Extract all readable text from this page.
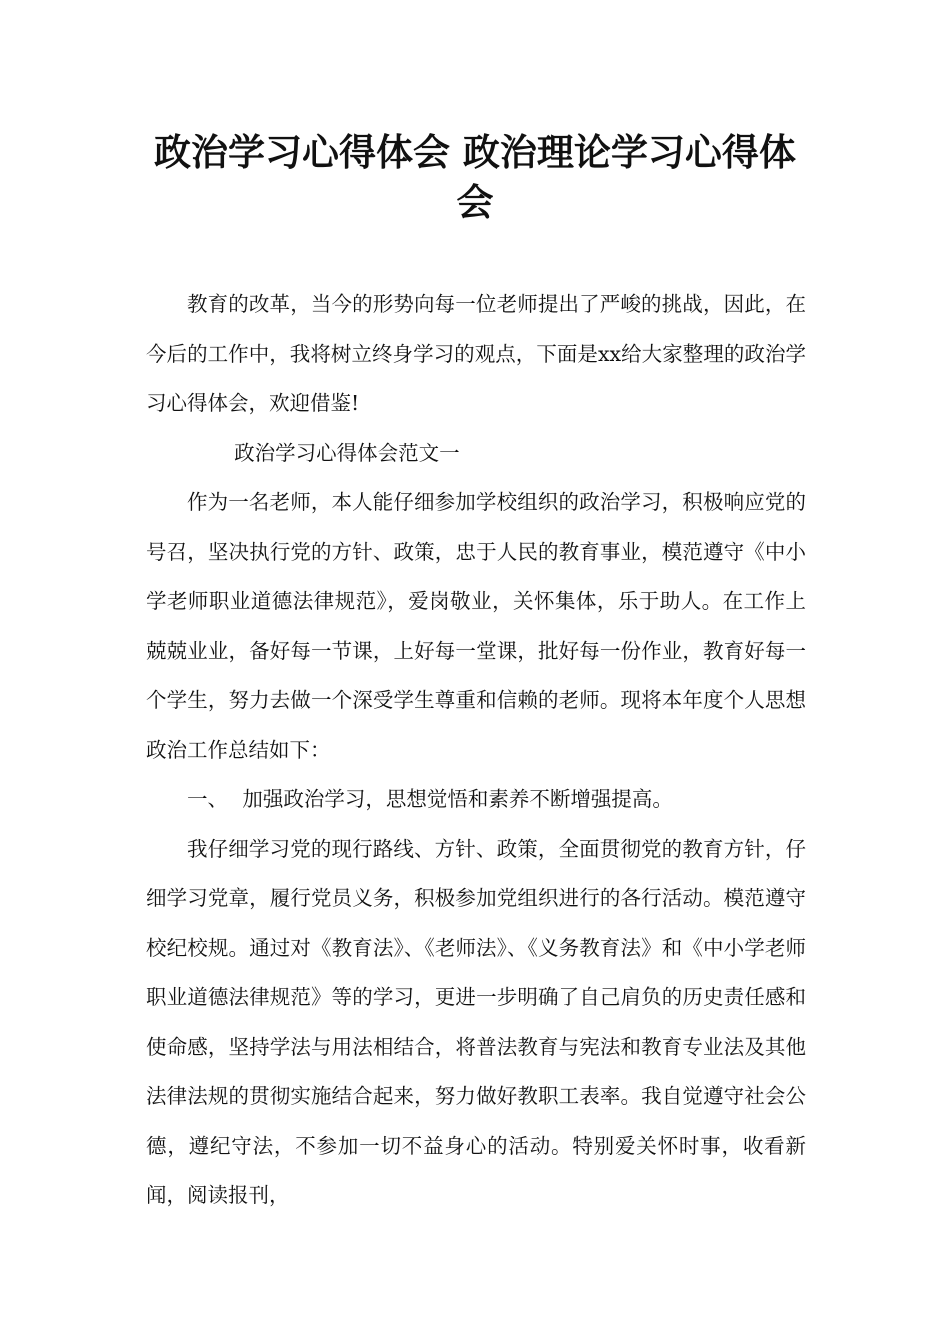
政治学习心得体会 政治理论学习心得体会

教育的改革，当今的形势向每一位老师提出了严峻的挑战，因此，在今后的工作中，我将树立终身学习的观点，下面是xx给大家整理的政治学习心得体会，欢迎借鉴!

政治学习心得体会范文一

作为一名老师，本人能仔细参加学校组织的政治学习，积极响应党的号召，坚决执行党的方针、政策，忠于人民的教育事业，模范遵守《中小学老师职业道德法律规范》，爱岗敬业，关怀集体，乐于助人。在工作上兢兢业业，备好每一节课，上好每一堂课，批好每一份作业，教育好每一个学生，努力去做一个深受学生尊重和信赖的老师。现将本年度个人思想政治工作总结如下：

一、 加强政治学习，思想觉悟和素养不断增强提高。

我仔细学习党的现行路线、方针、政策，全面贯彻党的教育方针，仔细学习党章，履行党员义务，积极参加党组织进行的各行活动。模范遵守校纪校规。通过对《教育法》、《老师法》、《义务教育法》和《中小学老师职业道德法律规范》等的学习，更进一步明确了自己肩负的历史责任感和使命感，坚持学法与用法相结合，将普法教育与宪法和教育专业法及其他法律法规的贯彻实施结合起来，努力做好教职工表率。我自觉遵守社会公德，遵纪守法，不参加一切不益身心的活动。特别爱关怀时事，收看新闻，阅读报刊，
